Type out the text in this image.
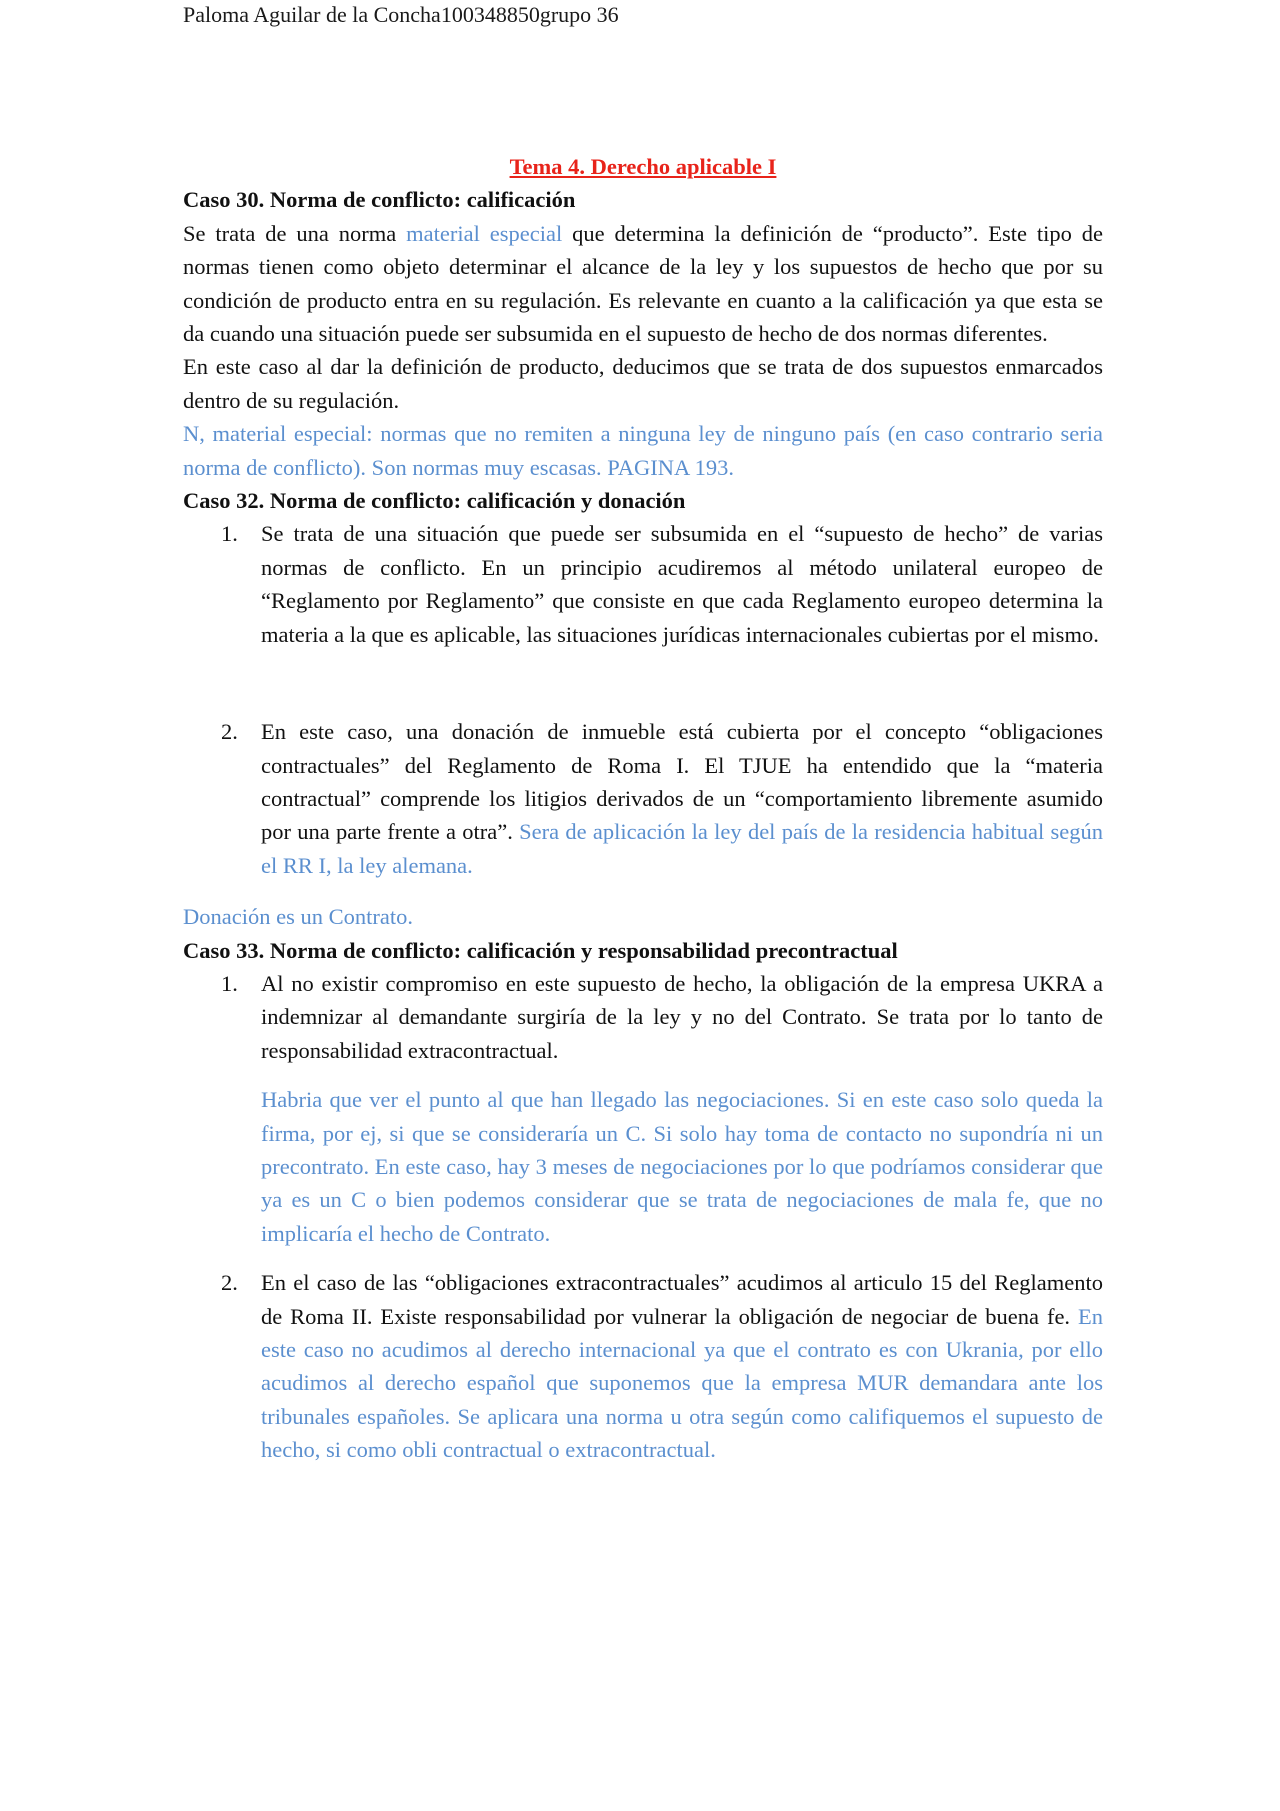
Paloma Aguilar de la Concha100348850grupo 36

Tema 4. Derecho aplicable I

Caso 30. Norma de conflicto: calificación

Se trata de una norma material especial que determina la definición de “producto”. Este tipo de normas tienen como objeto determinar el alcance de la ley y los supuestos de hecho que por su condición de producto entra en su regulación. Es relevante en cuanto a la calificación ya que esta se da cuando una situación puede ser subsumida en el supuesto de hecho de dos normas diferentes.

En este caso al dar la definición de producto, deducimos que se trata de dos supuestos enmarcados dentro de su regulación.

N, material especial: normas que no remiten a ninguna ley de ninguno país (en caso contrario seria norma de conflicto). Son normas muy escasas. PAGINA 193.

Caso 32. Norma de conflicto: calificación y donación

1. Se trata de una situación que puede ser subsumida en el “supuesto de hecho” de varias normas de conflicto. En un principio acudiremos al método unilateral europeo de “Reglamento por Reglamento” que consiste en que cada Reglamento europeo determina la materia a la que es aplicable, las situaciones jurídicas internacionales cubiertas por el mismo.
2. En este caso, una donación de inmueble está cubierta por el concepto “obligaciones contractuales” del Reglamento de Roma I. El TJUE ha entendido que la “materia contractual” comprende los litigios derivados de un “comportamiento libremente asumido por una parte frente a otra”. Sera de aplicación la ley del país de la residencia habitual según el RR I, la ley alemana.

Donación es un Contrato.

Caso 33. Norma de conflicto: calificación y responsabilidad precontractual

1. Al no existir compromiso en este supuesto de hecho, la obligación de la empresa UKRA a indemnizar al demandante surgiría de la ley y no del Contrato. Se trata por lo tanto de responsabilidad extracontractual.

Habria que ver el punto al que han llegado las negociaciones. Si en este caso solo queda la firma, por ej, si que se consideraría un C. Si solo hay toma de contacto no supondría ni un precontrato. En este caso, hay 3 meses de negociaciones por lo que podríamos considerar que ya es un C o bien podemos considerar que se trata de negociaciones de mala fe, que no implicaría el hecho de Contrato.

2. En el caso de las “obligaciones extracontractuales” acudimos al articulo 15 del Reglamento de Roma II. Existe responsabilidad por vulnerar la obligación de negociar de buena fe. En este caso no acudimos al derecho internacional ya que el contrato es con Ukrania, por ello acudimos al derecho español que suponemos que la empresa MUR demandara ante los tribunales españoles. Se aplicara una norma u otra según como califiquemos el supuesto de hecho, si como obli contractual o extracontractual.
